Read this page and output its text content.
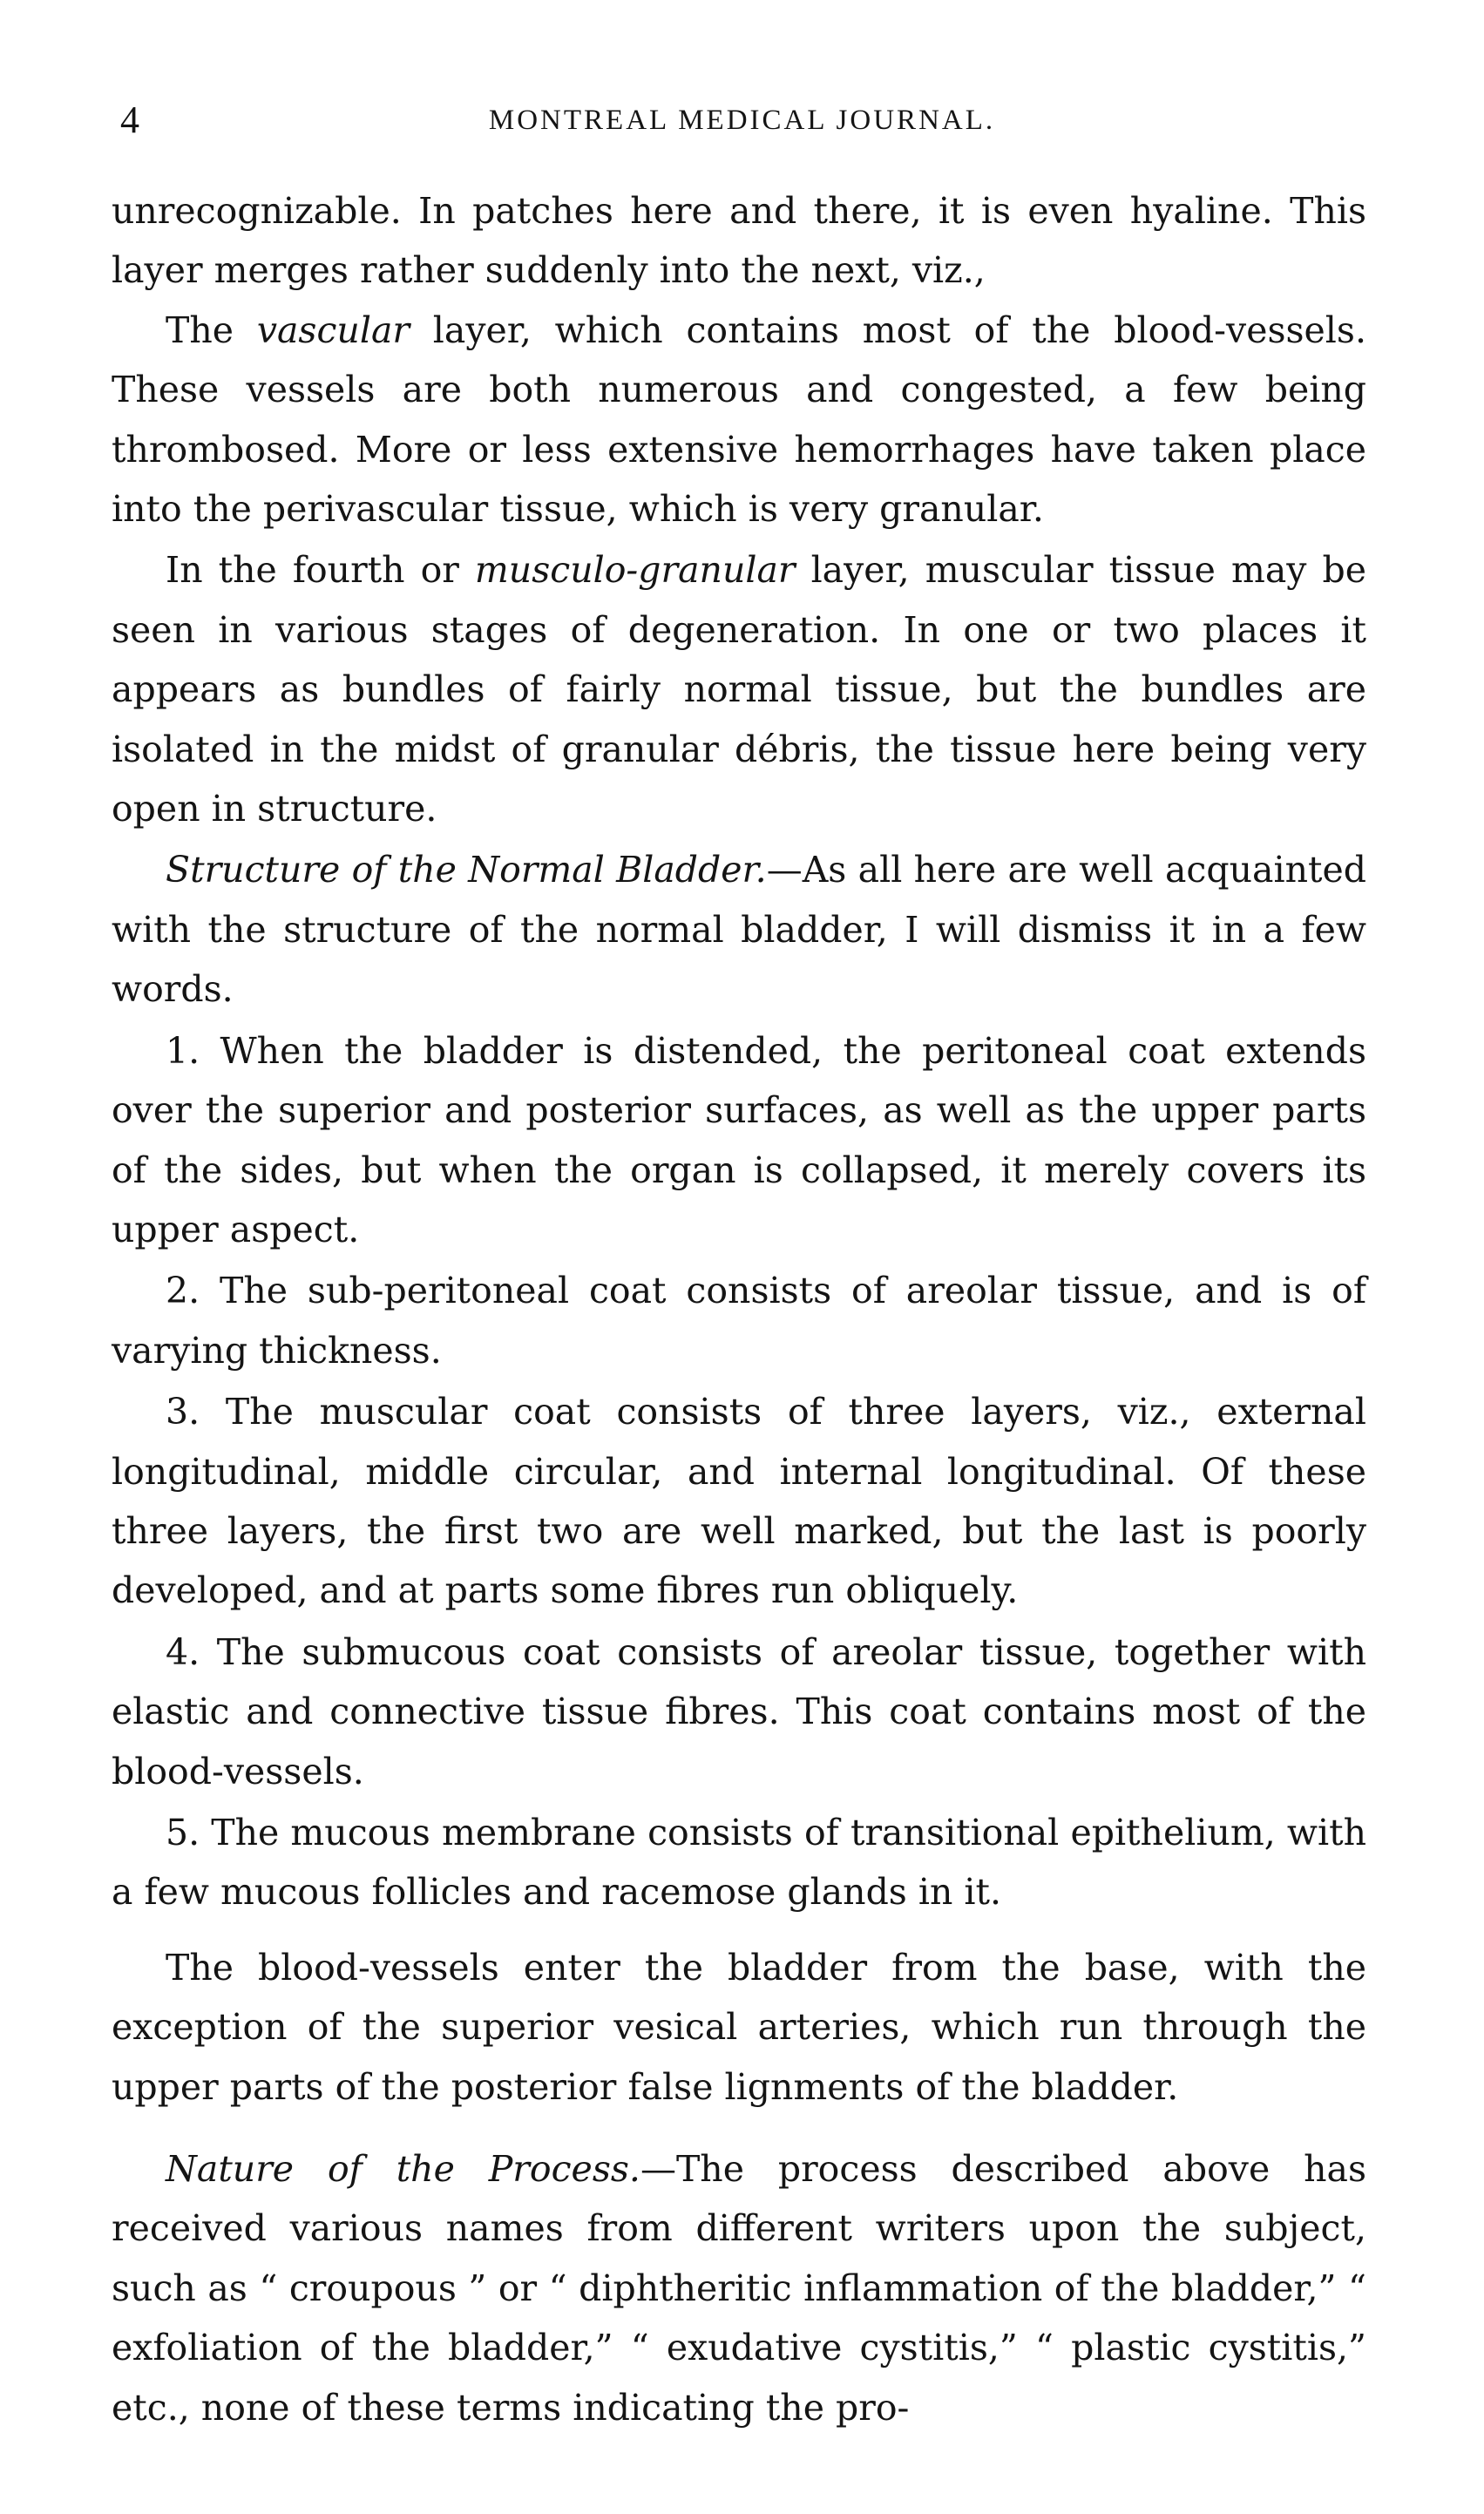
4	MONTREAL MEDICAL JOURNAL.

unrecognizable. In patches here and there, it is even hyaline. This layer merges rather suddenly into the next, viz.,

The vascular layer, which contains most of the blood-vessels. These vessels are both numerous and congested, a few being thrombosed. More or less extensive hemorrhages have taken place into the perivascular tissue, which is very granular.

In the fourth or musculo-granular layer, muscular tissue may be seen in various stages of degeneration. In one or two places it appears as bundles of fairly normal tissue, but the bundles are isolated in the midst of granular débris, the tissue here being very open in structure.

Structure of the Normal Bladder.—As all here are well acquainted with the structure of the normal bladder, I will dismiss it in a few words.

1. When the bladder is distended, the peritoneal coat extends over the superior and posterior surfaces, as well as the upper parts of the sides, but when the organ is collapsed, it merely covers its upper aspect.

2. The sub-peritoneal coat consists of areolar tissue, and is of varying thickness.

3. The muscular coat consists of three layers, viz., external longitudinal, middle circular, and internal longitudinal. Of these three layers, the first two are well marked, but the last is poorly developed, and at parts some fibres run obliquely.

4. The submucous coat consists of areolar tissue, together with elastic and connective tissue fibres. This coat contains most of the blood-vessels.

5. The mucous membrane consists of transitional epithelium, with a few mucous follicles and racemose glands in it.

The blood-vessels enter the bladder from the base, with the exception of the superior vesical arteries, which run through the upper parts of the posterior false lignments of the bladder.

Nature of the Process.—The process described above has received various names from different writers upon the subject, such as “ croupous ” or “ diphtheritic inflammation of the bladder,” “ exfoliation of the bladder,” “ exudative cystitis,” “ plastic cystitis,” etc., none of these terms indicating the pro-
